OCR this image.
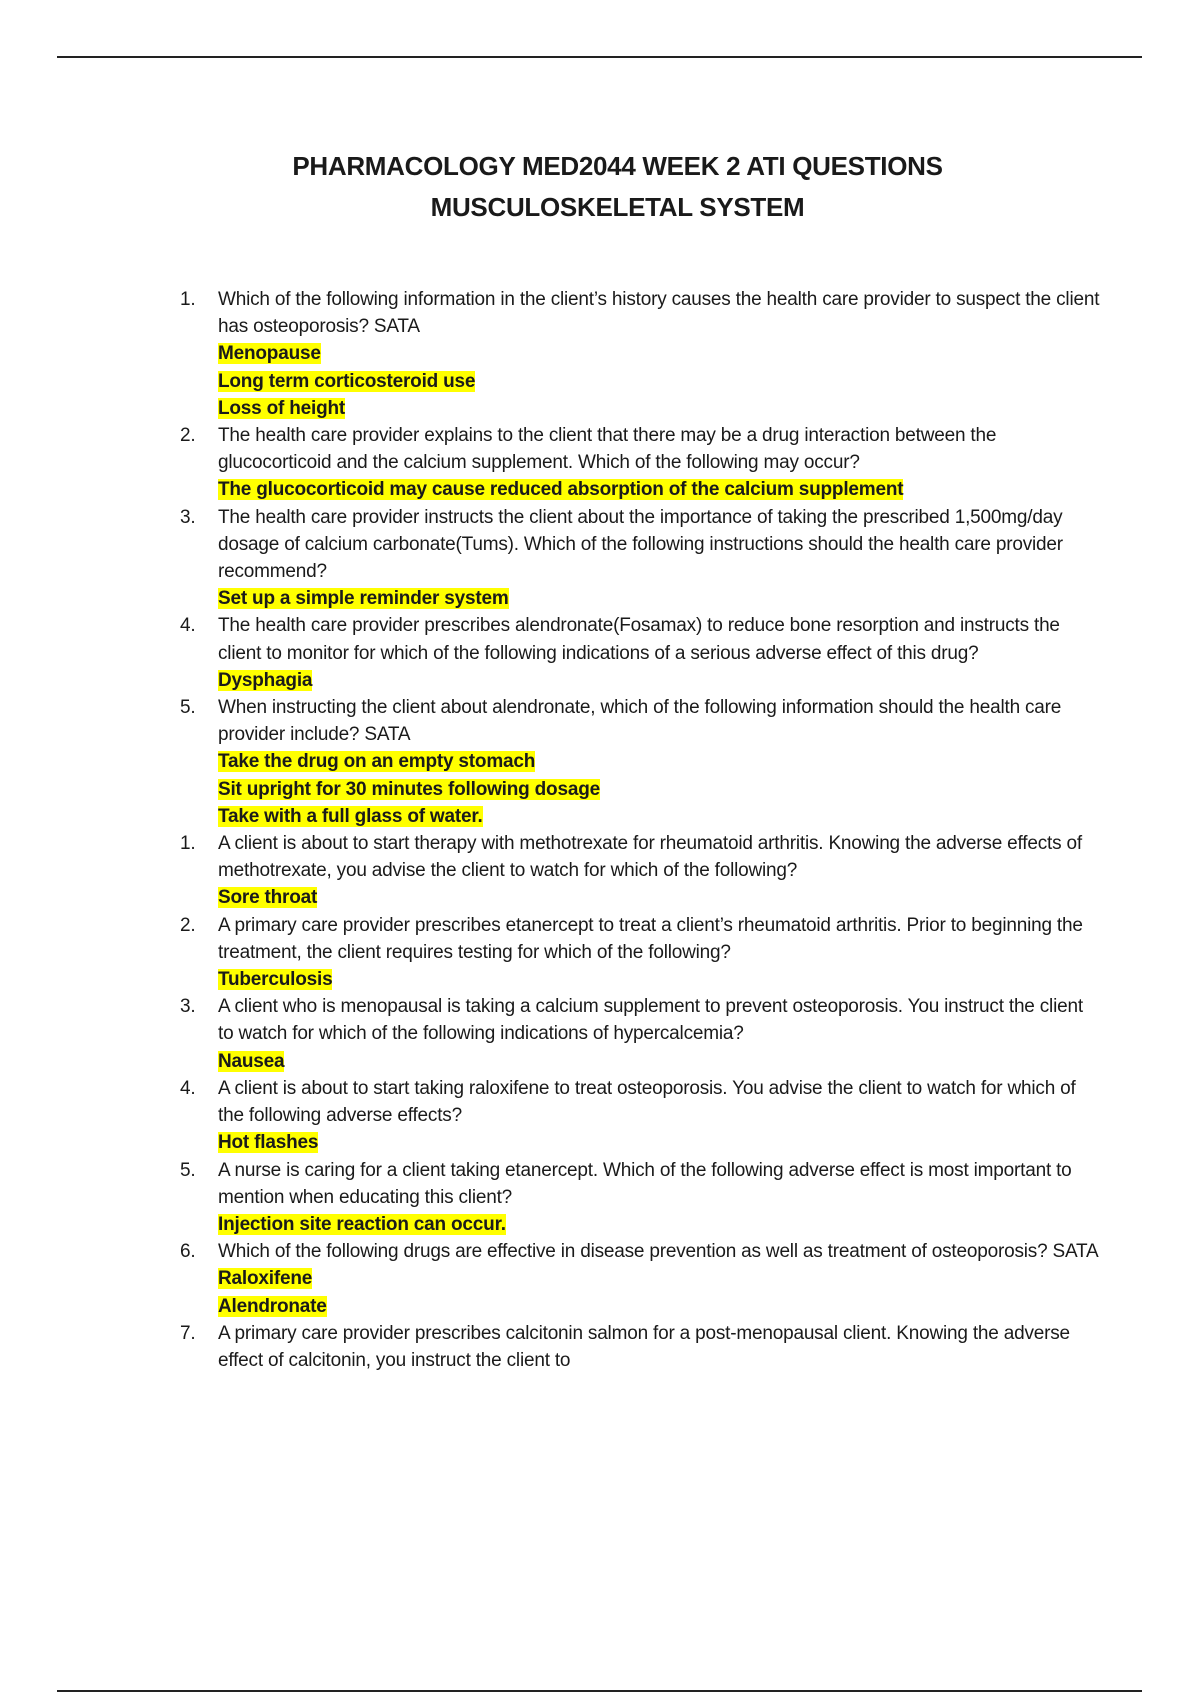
PHARMACOLOGY MED2044 WEEK 2 ATI QUESTIONS
MUSCULOSKELETAL SYSTEM
1.	Which of the following information in the client’s history causes the health care provider to suspect the client has osteoporosis? SATA
Menopause
Long term corticosteroid use
Loss of height
2.	The health care provider explains to the client that there may be a drug interaction between the glucocorticoid and the calcium supplement. Which of the following may occur?
The glucocorticoid may cause reduced absorption of the calcium supplement
3.	The health care provider instructs the client about the importance of taking the prescribed 1,500mg/day dosage of calcium carbonate(Tums). Which of the following instructions should the health care provider recommend?
Set up a simple reminder system
4.	The health care provider prescribes alendronate(Fosamax) to reduce bone resorption and instructs the client to monitor for which of the following indications of a serious adverse effect of this drug?
Dysphagia
5.	When instructing the client about alendronate, which of the following information should the health care provider include? SATA
Take the drug on an empty stomach
Sit upright for 30 minutes following dosage
Take with a full glass of water.
1.	A client is about to start therapy with methotrexate for rheumatoid arthritis. Knowing the adverse effects of methotrexate, you advise the client to watch for which of the following?
Sore throat
2.	A primary care provider prescribes etanercept to treat a client’s rheumatoid arthritis. Prior to beginning the treatment, the client requires testing for which of the following?
Tuberculosis
3.	A client who is menopausal is taking a calcium supplement to prevent osteoporosis. You instruct the client to watch for which of the following indications of hypercalcemia?
Nausea
4.	A client is about to start taking raloxifene to treat osteoporosis. You advise the client to watch for which of the following adverse effects?
Hot flashes
5.	A nurse is caring for a client taking etanercept. Which of the following adverse effect is most important to mention when educating this client?
Injection site reaction can occur.
6.	Which of the following drugs are effective in disease prevention as well as treatment of osteoporosis? SATA
Raloxifene
Alendronate
7.	A primary care provider prescribes calcitonin salmon for a post-menopausal client. Knowing the adverse effect of calcitonin, you instruct the client to
